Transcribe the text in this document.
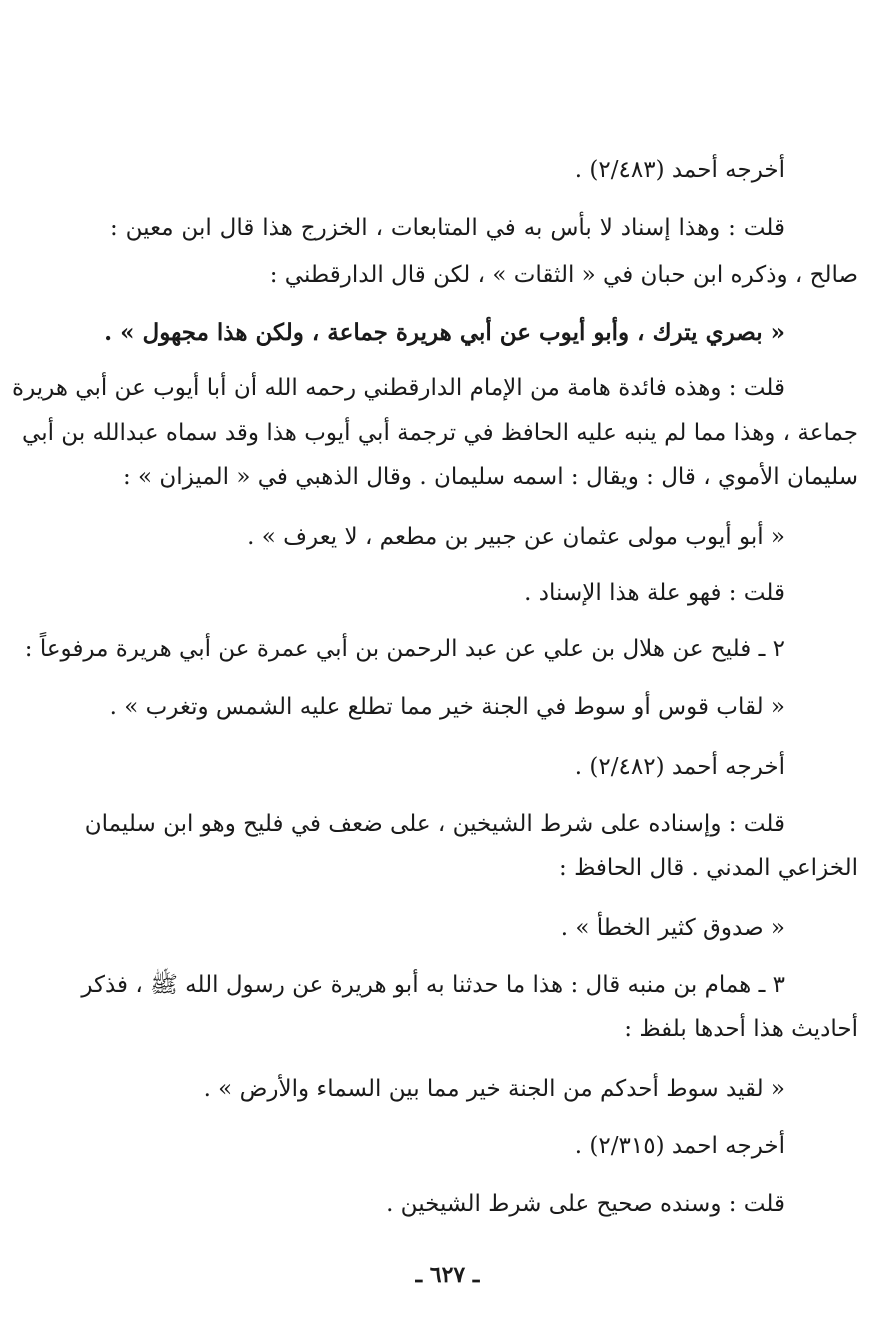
أخرجه أحمد (٢/٤٨٣) .

قلت : وهذا إسناد لا بأس به في المتابعات ، الخزرج هذا قال ابن معين :

صالح ، وذكره ابن حبان في « الثقات » ، لكن قال الدارقطني :

« بصري يترك ، وأبو أيوب عن أبي هريرة جماعة ، ولكن هذا مجهول » .

قلت : وهذه فائدة هامة من الإمام الدارقطني رحمه الله أن أبا أيوب عن أبي هريرة

جماعة ، وهذا مما لم ينبه عليه الحافظ في ترجمة أبي أيوب هذا وقد سماه عبدالله بن أبي

سليمان الأموي ، قال : ويقال : اسمه سليمان . وقال الذهبي في « الميزان » :

« أبو أيوب مولى عثمان عن جبير بن مطعم ، لا يعرف » .

قلت : فهو علة هذا الإسناد .

٢ ـ فليح عن هلال بن علي عن عبد الرحمن بن أبي عمرة عن أبي هريرة مرفوعاً :

« لقاب قوس أو سوط في الجنة خير مما تطلع عليه الشمس وتغرب » .

أخرجه أحمد (٢/٤٨٢) .

قلت : وإسناده على شرط الشيخين ، على ضعف في فليح وهو ابن سليمان

الخزاعي المدني . قال الحافظ :

« صدوق كثير الخطأ » .

٣ ـ همام بن منبه قال : هذا ما حدثنا به أبو هريرة عن رسول الله ﷺ ، فذكر

أحاديث هذا أحدها بلفظ :

« لقيد سوط أحدكم من الجنة خير مما بين السماء والأرض » .

أخرجه احمد (٢/٣١٥) .

قلت : وسنده صحيح على شرط الشيخين .

ـ ٦٢٧ ـ
